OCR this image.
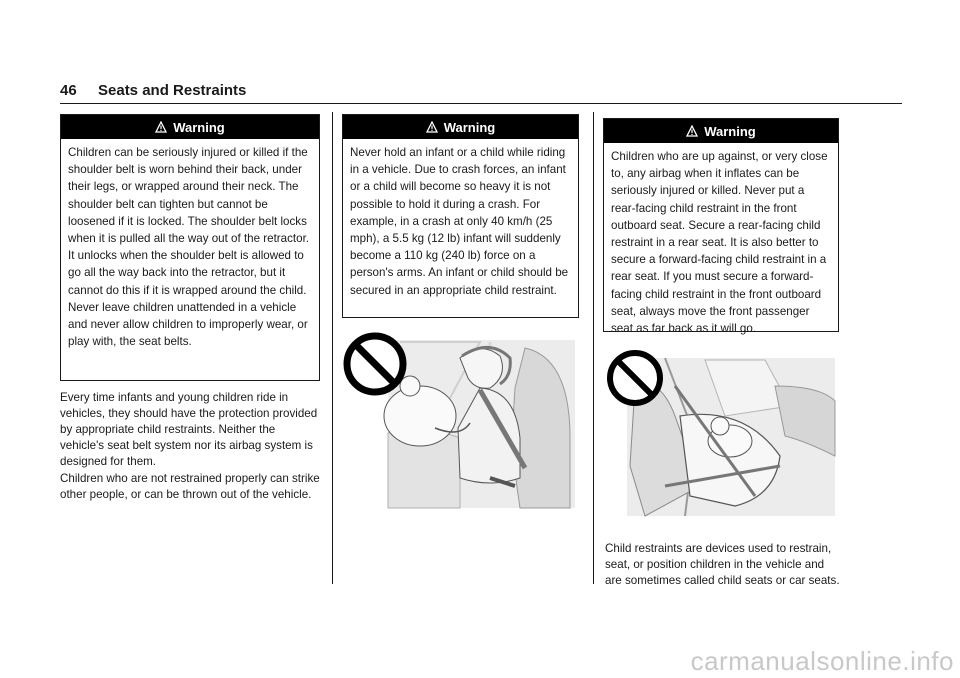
46 Seats and Restraints
Warning
Children can be seriously injured or killed if the shoulder belt is worn behind their back, under their legs, or wrapped around their neck. The shoulder belt can tighten but cannot be loosened if it is locked. The shoulder belt locks when it is pulled all the way out of the retractor. It unlocks when the shoulder belt is allowed to go all the way back into the retractor, but it cannot do this if it is wrapped around the child. Never leave children unattended in a vehicle and never allow children to improperly wear, or play with, the seat belts.

Every time infants and young children ride in vehicles, they should have the protection provided by appropriate child restraints. Neither the vehicle's seat belt system nor its airbag system is designed for them.

Children who are not restrained properly can strike other people, or can be thrown out of the vehicle.

Warning
Never hold an infant or a child while riding in a vehicle. Due to crash forces, an infant or a child will become so heavy it is not possible to hold it during a crash. For example, in a crash at only 40 km/h (25 mph), a 5.5 kg (12 lb) infant will suddenly become a 110 kg (240 lb) force on a person's arms. An infant or child should be secured in an appropriate child restraint.
Warning
Children who are up against, or very close to, any airbag when it inflates can be seriously injured or killed. Never put a rear-facing child restraint in the front outboard seat. Secure a rear-facing child restraint in a rear seat. It is also better to secure a forward-facing child restraint in a rear seat. If you must secure a forward-facing child restraint in the front outboard seat, always move the front passenger seat as far back as it will go.

Child restraints are devices used to restrain, seat, or position children in the vehicle and are sometimes called child seats or car seats.

carmanualsonline.info
